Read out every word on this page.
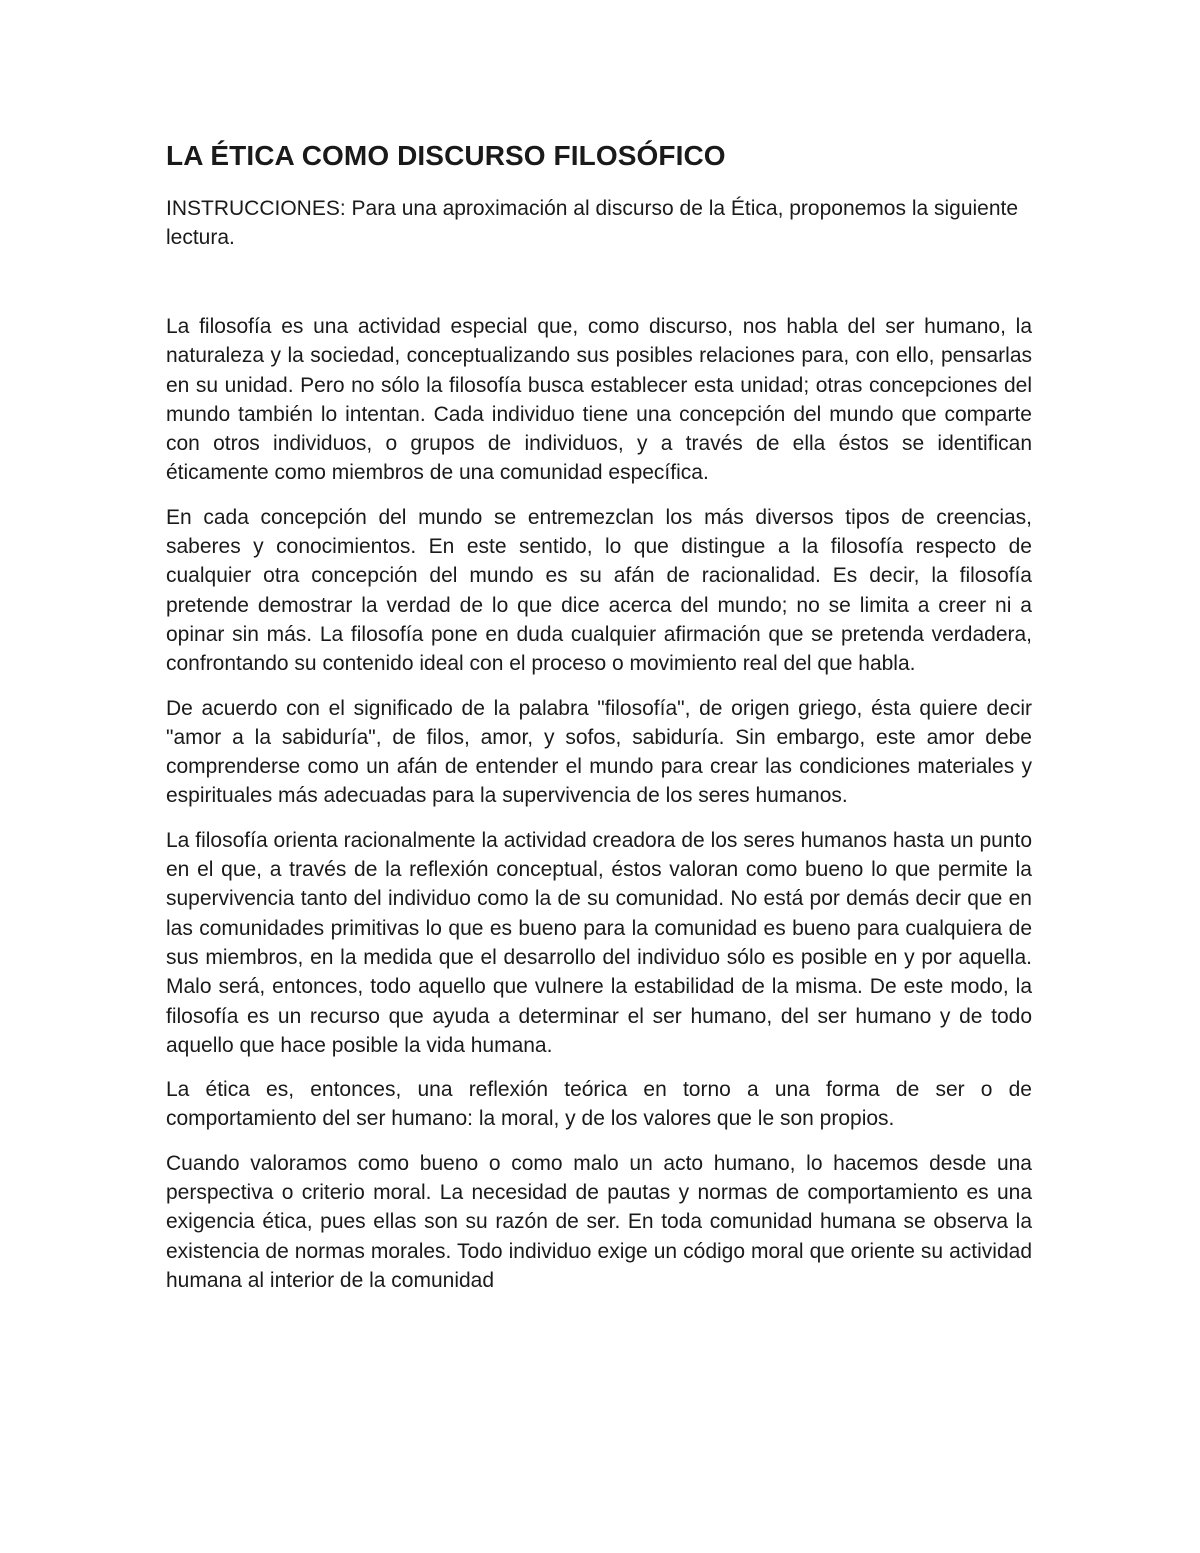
LA ÉTICA COMO DISCURSO FILOSÓFICO

INSTRUCCIONES: Para una aproximación al discurso de la Ética, proponemos la siguiente lectura.

La filosofía es una actividad especial que, como discurso, nos habla del ser humano, la naturaleza y la sociedad, conceptualizando sus posibles relaciones para, con ello, pensarlas en su unidad. Pero no sólo la filosofía busca establecer esta unidad; otras concepciones del mundo también lo intentan. Cada individuo tiene una concepción del mundo que comparte con otros individuos, o grupos de individuos, y a través de ella éstos se identifican éticamente como miembros de una comunidad específica.

En cada concepción del mundo se entremezclan los más diversos tipos de creencias, saberes y conocimientos. En este sentido, lo que distingue a la filosofía respecto de cualquier otra concepción del mundo es su afán de racionalidad. Es decir, la filosofía pretende demostrar la verdad de lo que dice acerca del mundo; no se limita a creer ni a opinar sin más. La filosofía pone en duda cualquier afirmación que se pretenda verdadera, confrontando su contenido ideal con el proceso o movimiento real del que habla.

De acuerdo con el significado de la palabra "filosofía", de origen griego, ésta quiere decir "amor a la sabiduría", de filos, amor, y sofos, sabiduría. Sin embargo, este amor debe comprenderse como un afán de entender el mundo para crear las condiciones materiales y espirituales más adecuadas para la supervivencia de los seres humanos.

La filosofía orienta racionalmente la actividad creadora de los seres humanos hasta un punto en el que, a través de la reflexión conceptual, éstos valoran como bueno lo que permite la supervivencia tanto del individuo como la de su comunidad. No está por demás decir que en las comunidades primitivas lo que es bueno para la comunidad es bueno para cualquiera de sus miembros, en la medida que el desarrollo del individuo sólo es posible en y por aquella. Malo será, entonces, todo aquello que vulnere la estabilidad de la misma. De este modo, la filosofía es un recurso que ayuda a determinar el ser humano, del ser humano y de todo aquello que hace posible la vida humana.

La ética es, entonces, una reflexión teórica en torno a una forma de ser o de comportamiento del ser humano: la moral, y de los valores que le son propios.

Cuando valoramos como bueno o como malo un acto humano, lo hacemos desde una perspectiva o criterio moral. La necesidad de pautas y normas de comportamiento es una exigencia ética, pues ellas son su razón de ser. En toda comunidad humana se observa la existencia de normas morales. Todo individuo exige un código moral que oriente su actividad humana al interior de la comunidad
